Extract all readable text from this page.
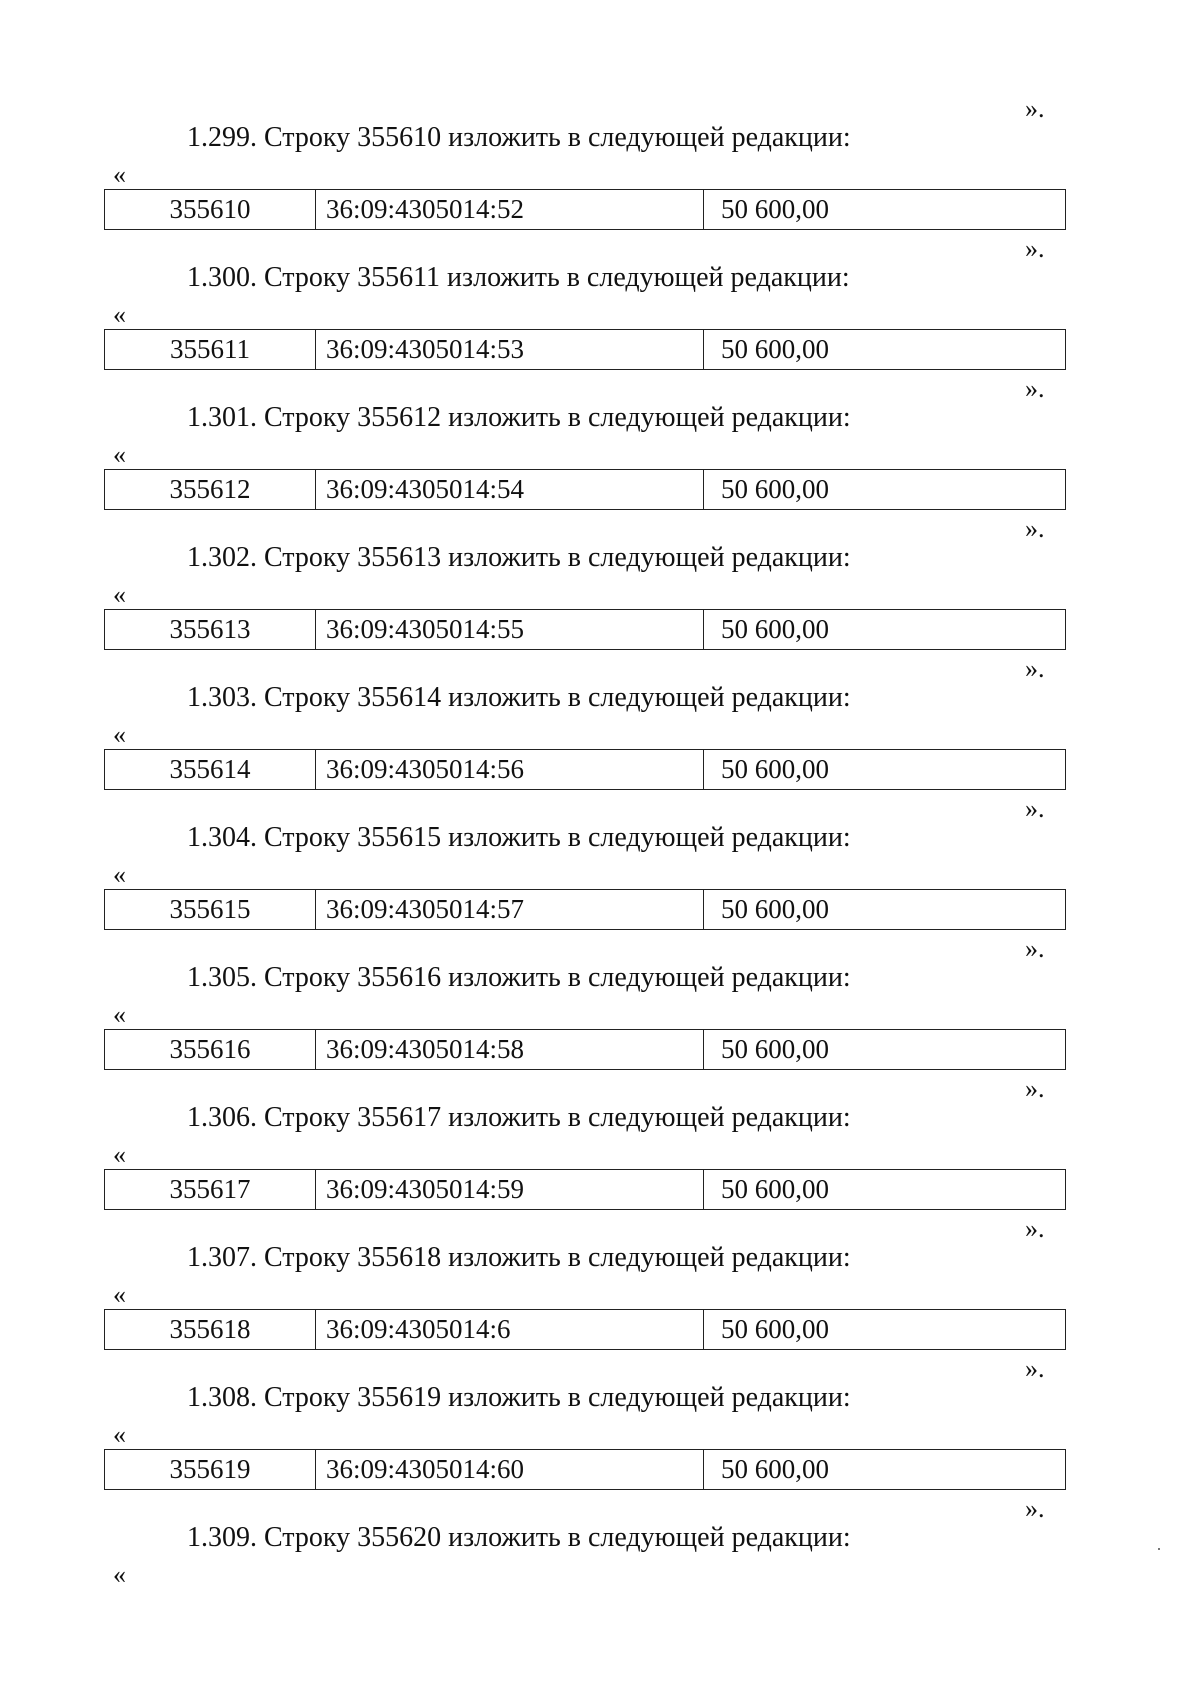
».
1.299. Строку 355610 изложить в следующей редакции:
«
355610	36:09:4305014:52	50 600,00
».
1.300. Строку 355611 изложить в следующей редакции:
«
355611	36:09:4305014:53	50 600,00
».
1.301. Строку 355612 изложить в следующей редакции:
«
355612	36:09:4305014:54	50 600,00
».
1.302. Строку 355613 изложить в следующей редакции:
«
355613	36:09:4305014:55	50 600,00
».
1.303. Строку 355614 изложить в следующей редакции:
«
355614	36:09:4305014:56	50 600,00
».
1.304. Строку 355615 изложить в следующей редакции:
«
355615	36:09:4305014:57	50 600,00
».
1.305. Строку 355616 изложить в следующей редакции:
«
355616	36:09:4305014:58	50 600,00
».
1.306. Строку 355617 изложить в следующей редакции:
«
355617	36:09:4305014:59	50 600,00
».
1.307. Строку 355618 изложить в следующей редакции:
«
355618	36:09:4305014:6	50 600,00
».
1.308. Строку 355619 изложить в следующей редакции:
«
355619	36:09:4305014:60	50 600,00
».
1.309. Строку 355620 изложить в следующей редакции:
«
